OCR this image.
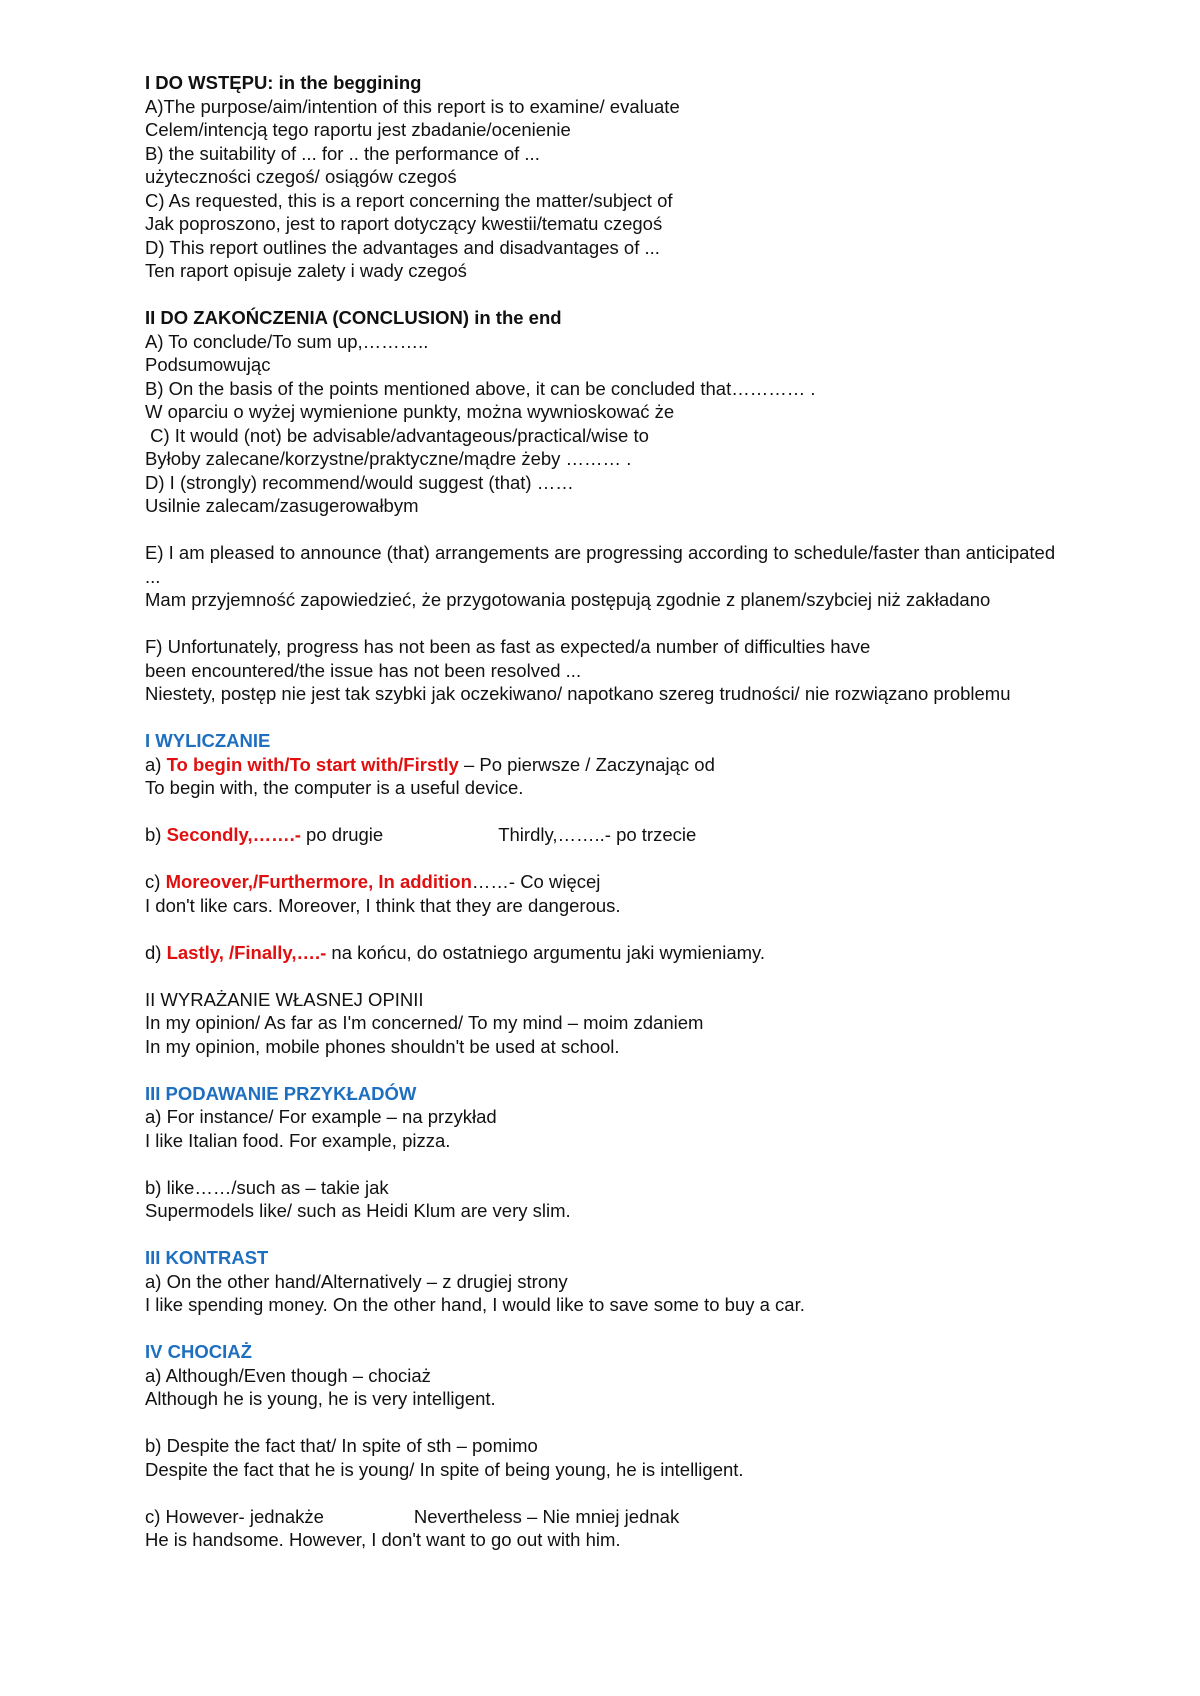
I DO WSTĘPU: in the beggining
A)The purpose/aim/intention of this report is to examine/ evaluate
Celem/intencją tego raportu jest zbadanie/ocenienie
B) the suitability of ... for .. the performance of ...
użyteczności czegoś/ osiągów czegoś
C) As requested, this is a report concerning the matter/subject of
Jak poproszono, jest to raport dotyczący kwestii/tematu czegoś
D) This report outlines the advantages and disadvantages of ...
Ten raport opisuje zalety i wady czegoś
II DO ZAKOŃCZENIA (CONCLUSION) in the end
A) To conclude/To sum up,………..
Podsumowując
B) On the basis of the points mentioned above, it can be concluded that………… .
W oparciu o wyżej wymienione punkty, można wywnioskować że
C) It would (not) be advisable/advantageous/practical/wise to
Byłoby zalecane/korzystne/praktyczne/mądre żeby ……… .
D) I (strongly) recommend/would suggest (that) ……
Usilnie zalecam/zasugerowałbym
E) I am pleased to announce (that) arrangements are progressing according to schedule/faster than anticipated ...
Mam przyjemność zapowiedzieć, że przygotowania postępują zgodnie z planem/szybciej niż zakładano
F) Unfortunately, progress has not been as fast as expected/a number of difficulties have
been encountered/the issue has not been resolved ...
Niestety, postęp nie jest tak szybki jak oczekiwano/ napotkano szereg trudności/ nie rozwiązano problemu
I WYLICZANIE
a) To begin with/To start with/Firstly – Po pierwsze / Zaczynając od
To begin with, the computer is a useful device.
b) Secondly,…….- po drugie	Thirdly,……..- po trzecie
c) Moreover,/Furthermore, In addition……- Co więcej
I don't like cars. Moreover, I think that they are dangerous.
d) Lastly, /Finally,….- na końcu, do ostatniego argumentu jaki wymieniamy.
II WYRAŻANIE WŁASNEJ OPINII
In my opinion/ As far as I'm concerned/ To my mind – moim zdaniem
In my opinion, mobile phones shouldn't be used at school.
III PODAWANIE PRZYKŁADÓW
a) For instance/ For example – na przykład
I like Italian food. For example, pizza.
b) like……/such as – takie jak
Supermodels like/ such as Heidi Klum are very slim.
III KONTRAST
a) On the other hand/Alternatively – z drugiej strony
I like spending money. On the other hand, I would like to save some to buy a car.
IV CHOCIAŻ
a) Although/Even though – chociaż
Although he is young, he is very intelligent.
b) Despite the fact that/ In spite of sth – pomimo
Despite the fact that he is young/ In spite of being young, he is intelligent.
c) However- jednakże	Nevertheless – Nie mniej jednak
He is handsome. However, I don't want to go out with him.
